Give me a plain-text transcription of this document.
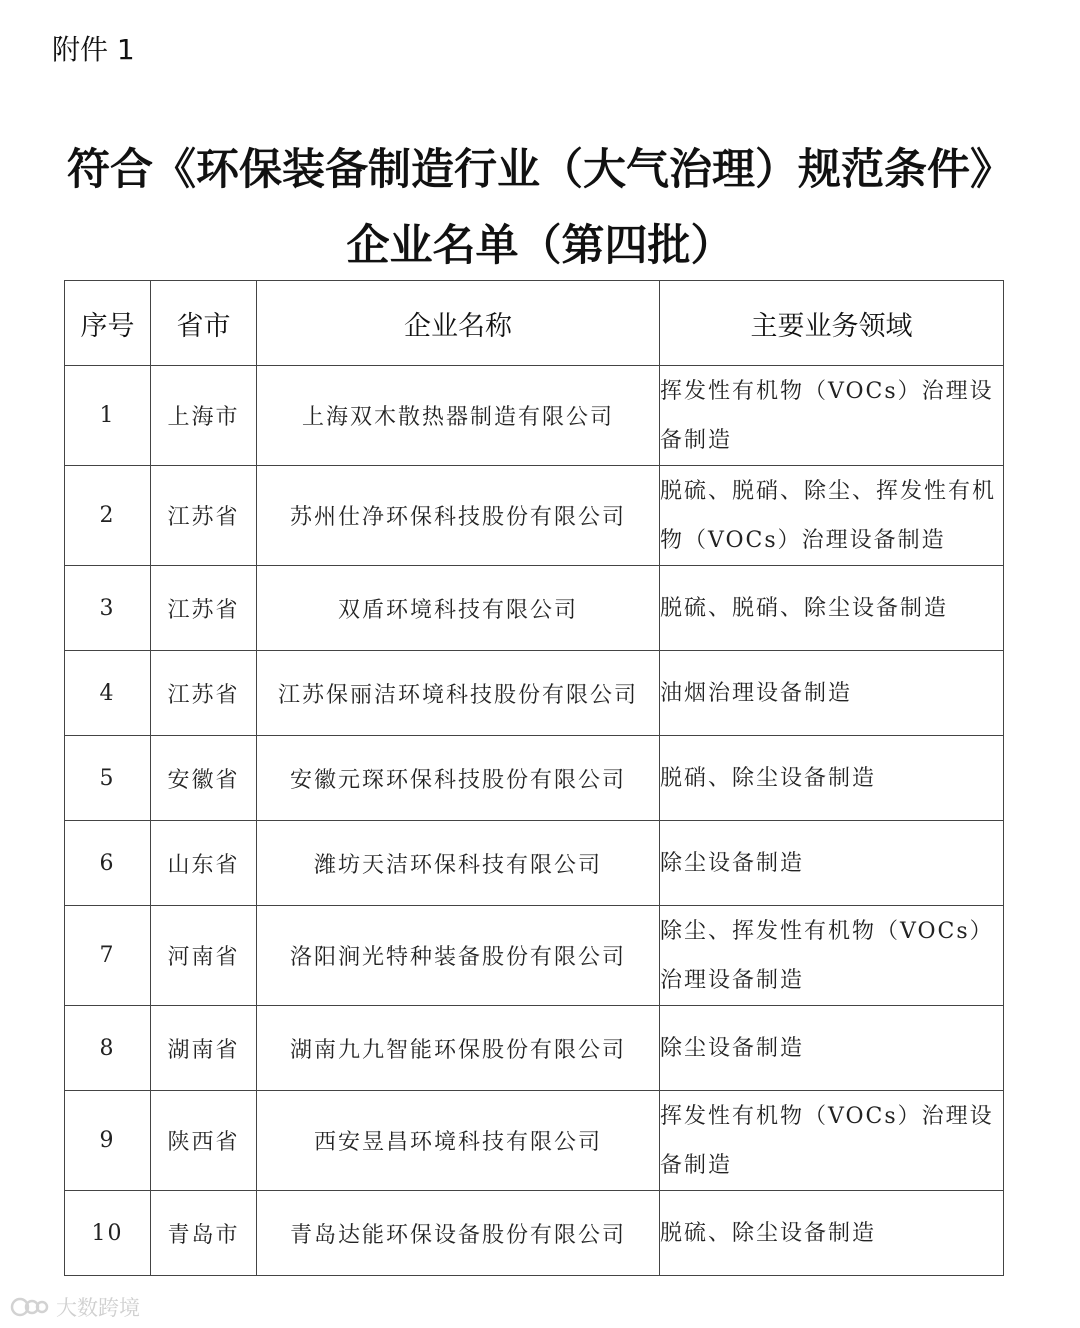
附件 1
符合《环保装备制造行业（大气治理）规范条件》
企业名单（第四批）
序号	省市	企业名称	主要业务领域
1	上海市	上海双木散热器制造有限公司	挥发性有机物（VOCs）治理设备制造
2	江苏省	苏州仕净环保科技股份有限公司	脱硫、脱硝、除尘、挥发性有机物（VOCs）治理设备制造
3	江苏省	双盾环境科技有限公司	脱硫、脱硝、除尘设备制造
4	江苏省	江苏保丽洁环境科技股份有限公司	油烟治理设备制造
5	安徽省	安徽元琛环保科技股份有限公司	脱硝、除尘设备制造
6	山东省	潍坊天洁环保科技有限公司	除尘设备制造
7	河南省	洛阳涧光特种装备股份有限公司	除尘、挥发性有机物（VOCs）治理设备制造
8	湖南省	湖南九九智能环保股份有限公司	除尘设备制造
9	陕西省	西安昱昌环境科技有限公司	挥发性有机物（VOCs）治理设备制造
10	青岛市	青岛达能环保设备股份有限公司	脱硫、除尘设备制造
大数跨境
